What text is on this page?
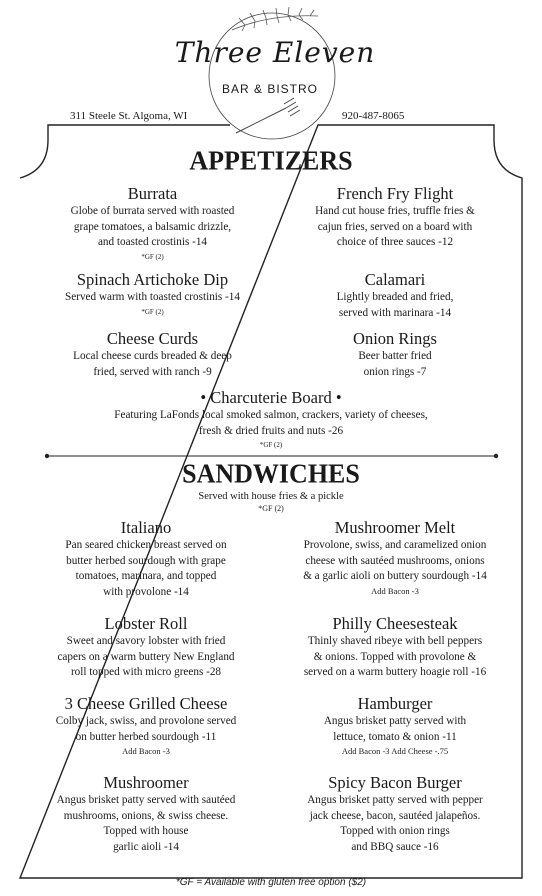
Three Eleven
BAR & BISTRO
311 Steele St. Algoma, WI	920-487-8065
APPETIZERS
Burrata
Globe of burrata served with roasted
grape tomatoes, a balsamic drizzle,
and toasted crostinis -14
*GF (2)
French Fry Flight
Hand cut house fries, truffle fries &
cajun fries, served on a board with
choice of three sauces -12
Spinach Artichoke Dip
Served warm with toasted crostinis -14
*GF (2)
Calamari
Lightly breaded and fried,
served with marinara -14
Cheese Curds
Local cheese curds breaded & deep
fried, served with ranch -9
Onion Rings
Beer batter fried
onion rings -7
• Charcuterie Board •
Featuring LaFonds local smoked salmon, crackers, variety of cheeses,
fresh & dried fruits and nuts -26
*GF (2)
SANDWICHES
Served with house fries & a pickle
*GF (2)
Italiano
Pan seared chicken breast served on
butter herbed sourdough with grape
tomatoes, marinara, and topped
with provolone -14
Mushroomer Melt
Provolone, swiss, and caramelized onion
cheese with sautéed mushrooms, onions
& a garlic aioli on buttery sourdough -14
Add Bacon -3
Lobster Roll
Sweet and savory lobster with fried
capers on a warm buttery New England
roll topped with micro greens -28
Philly Cheesesteak
Thinly shaved ribeye with bell peppers
& onions. Topped with provolone &
served on a warm buttery hoagie roll -16
3 Cheese Grilled Cheese
Colby jack, swiss, and provolone served
on butter herbed sourdough -11
Add Bacon -3
Hamburger
Angus brisket patty served with
lettuce, tomato & onion -11
Add Bacon -3 Add Cheese -.75
Mushroomer
Angus brisket patty served with sautéed
mushrooms, onions, & swiss cheese.
Topped with house
garlic aioli -14
Spicy Bacon Burger
Angus brisket patty served with pepper
jack cheese, bacon, sautéed jalapeños.
Topped with onion rings
and BBQ sauce -16
*GF = Available with gluten free option ($2)
